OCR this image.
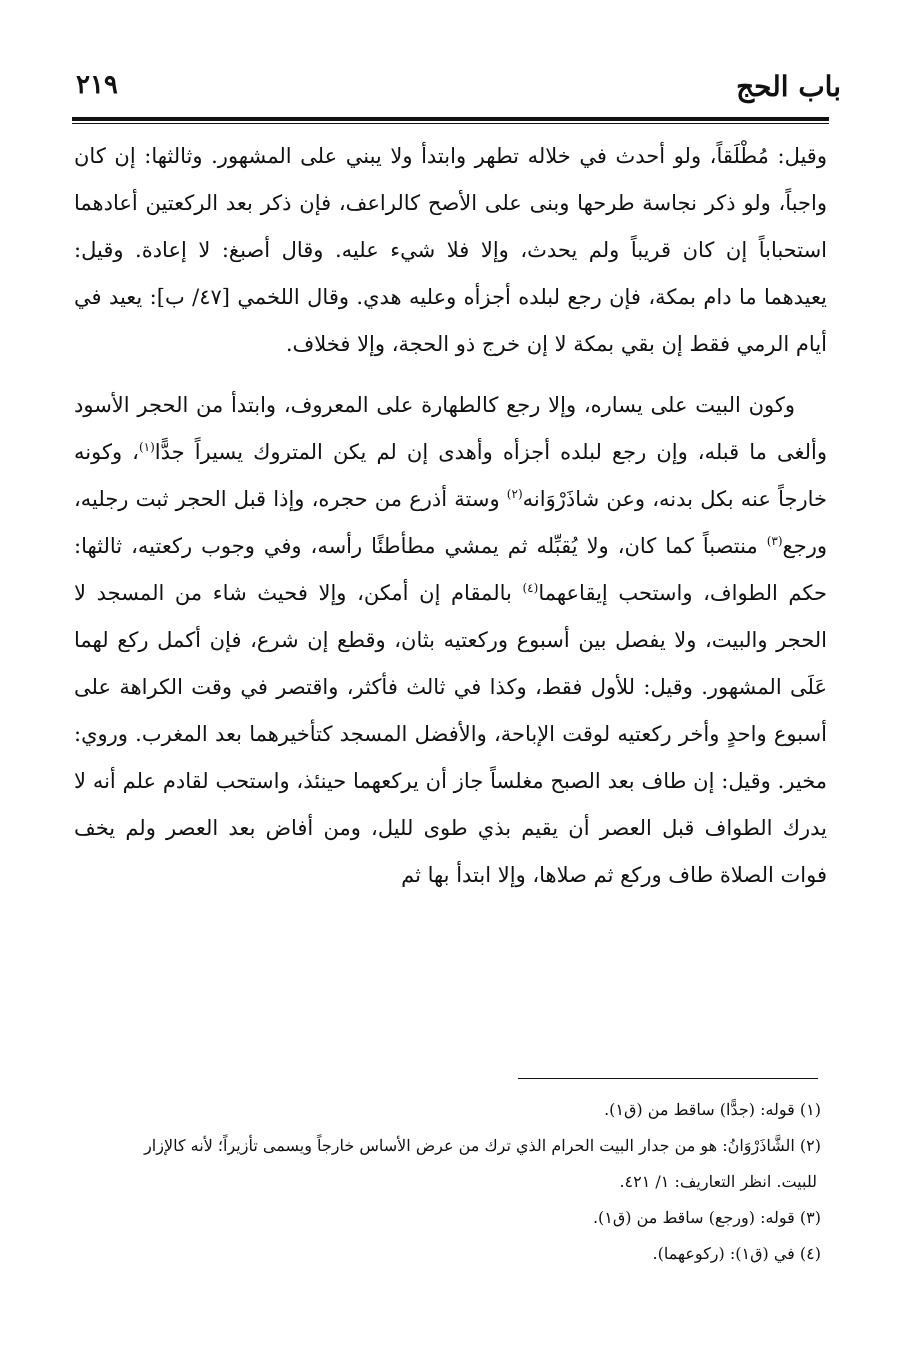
باب الحج
٢١٩

وقيل: مُطْلَقاً، ولو أحدث في خلاله تطهر وابتدأ ولا يبني على المشهور. وثالثها: إن كان واجباً، ولو ذكر نجاسة طرحها وبنى على الأصح كالراعف، فإن ذكر بعد الركعتين أعادهما استحباباً إن كان قريباً ولم يحدث، وإلا فلا شيء عليه. وقال أصبغ: لا إعادة. وقيل: يعيدهما ما دام بمكة، فإن رجع لبلده أجزأه وعليه هدي. وقال اللخمي [٤٧/ ب]: يعيد في أيام الرمي فقط إن بقي بمكة لا إن خرج ذو الحجة، وإلا فخلاف.

وكون البيت على يساره، وإلا رجع كالطهارة على المعروف، وابتدأ من الحجر الأسود وألغى ما قبله، وإن رجع لبلده أجزأه وأهدى إن لم يكن المتروك يسيراً جدًّا$^{(١)}$، وكونه خارجاً عنه بكل بدنه، وعن شاذَرْوَانه$^{(٢)}$ وستة أذرع من حجره، وإذا قبل الحجر ثبت رجليه، ورجع$^{(٣)}$ منتصباً كما كان، ولا يُقبِّله ثم يمشي مطأطئًا رأسه، وفي وجوب ركعتيه، ثالثها: حكم الطواف، واستحب إيقاعهما$^{(٤)}$ بالمقام إن أمكن، وإلا فحيث شاء من المسجد لا الحجر والبيت، ولا يفصل بين أسبوع وركعتيه بثان، وقطع إن شرع، فإن أكمل ركع لهما عَلَى المشهور. وقيل: للأول فقط، وكذا في ثالث فأكثر، واقتصر في وقت الكراهة على أسبوع واحدٍ وأخر ركعتيه لوقت الإباحة، والأفضل المسجد كتأخيرهما بعد المغرب. وروي: مخير. وقيل: إن طاف بعد الصبح مغلساً جاز أن يركعهما حينئذ، واستحب لقادم علم أنه لا يدرك الطواف قبل العصر أن يقيم بذي طوى لليل، ومن أفاض بعد العصر ولم يخف فوات الصلاة طاف وركع ثم صلاها، وإلا ابتدأ بها ثم

(١) قوله: (جدًّا) ساقط من (ق١).

(٢) الشَّاذَرْوَانُ: هو من جدار البيت الحرام الذي ترك من عرض الأساس خارجاً ويسمى تأزيراً؛ لأنه كالإزار

للبيت. انظر التعاريف: ١/ ٤٢١.

(٣) قوله: (ورجع) ساقط من (ق١).

(٤) في (ق١): (ركوعهما).
